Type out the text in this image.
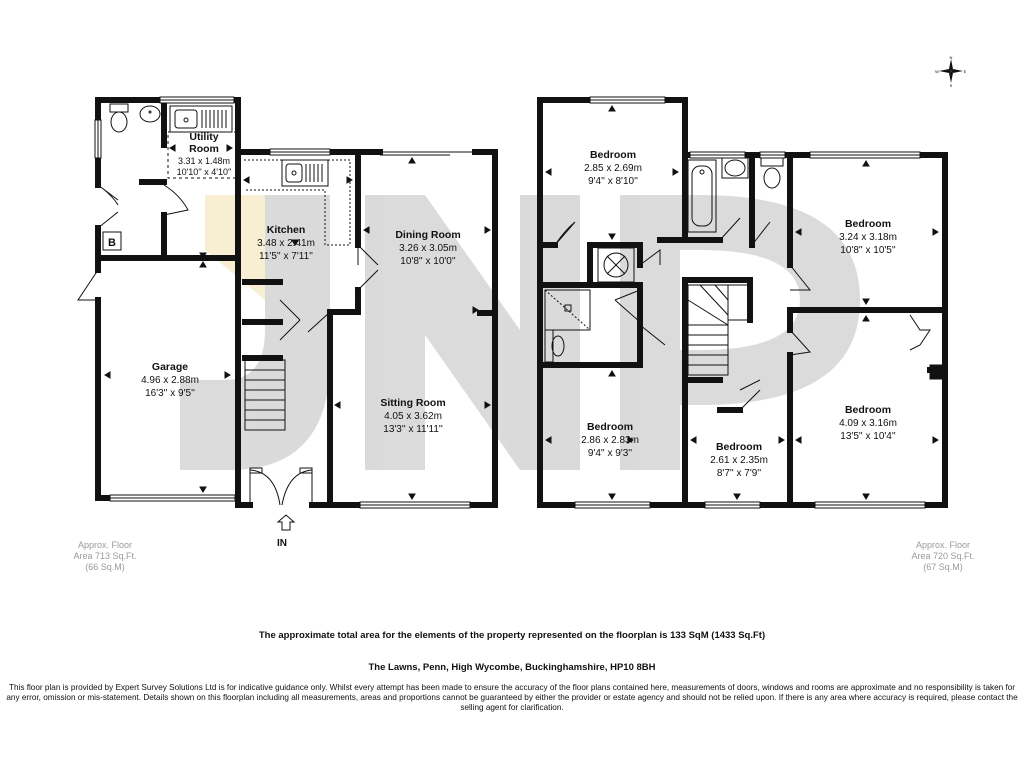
Utility
Room
3.31 x 1.48m
10'10'' x 4'10''
Kitchen
3.48 x 2.41m
11'5'' x 7'11''
Dining Room
3.26 x 3.05m
10'8'' x 10'0''
Garage
4.96 x 2.88m
16'3'' x 9'5''
Sitting Room
4.05 x 3.62m
13'3'' x 11'11''
B
Bedroom
2.85 x 2.69m
9'4'' x 8'10''
Bedroom
3.24 x 3.18m
10'8'' x 10'5''
Bedroom
2.86 x 2.83m
9'4'' x 9'3''
Bedroom
2.61 x 2.35m
8'7'' x 7'9''
Bedroom
4.09 x 3.16m
13'5'' x 10'4''
N
S
W	E
IN
Approx. Floor
Area 713 Sq.Ft.
(66 Sq.M)
Approx. Floor
Area 720 Sq.Ft.
(67 Sq.M)
The approximate total area for the elements of the property represented on the floorplan is 133 SqM (1433 Sq.Ft)
The Lawns, Penn, High Wycombe, Buckinghamshire, HP10 8BH
This floor plan is provided by Expert Survey Solutions Ltd is for indicative guidance only. Whilst every attempt has been made to ensure the accuracy of the floor plans contained here, measurements of doors, windows and rooms are approximate and no responsibility is taken for any error, omission or mis-statement. Details shown on this floorplan including all measurements, areas and proportions cannot be guaranteed by either the provider or estate agency and should not be relied upon. If there is any area where accuracy is required, please contact the selling agent for clarification.
